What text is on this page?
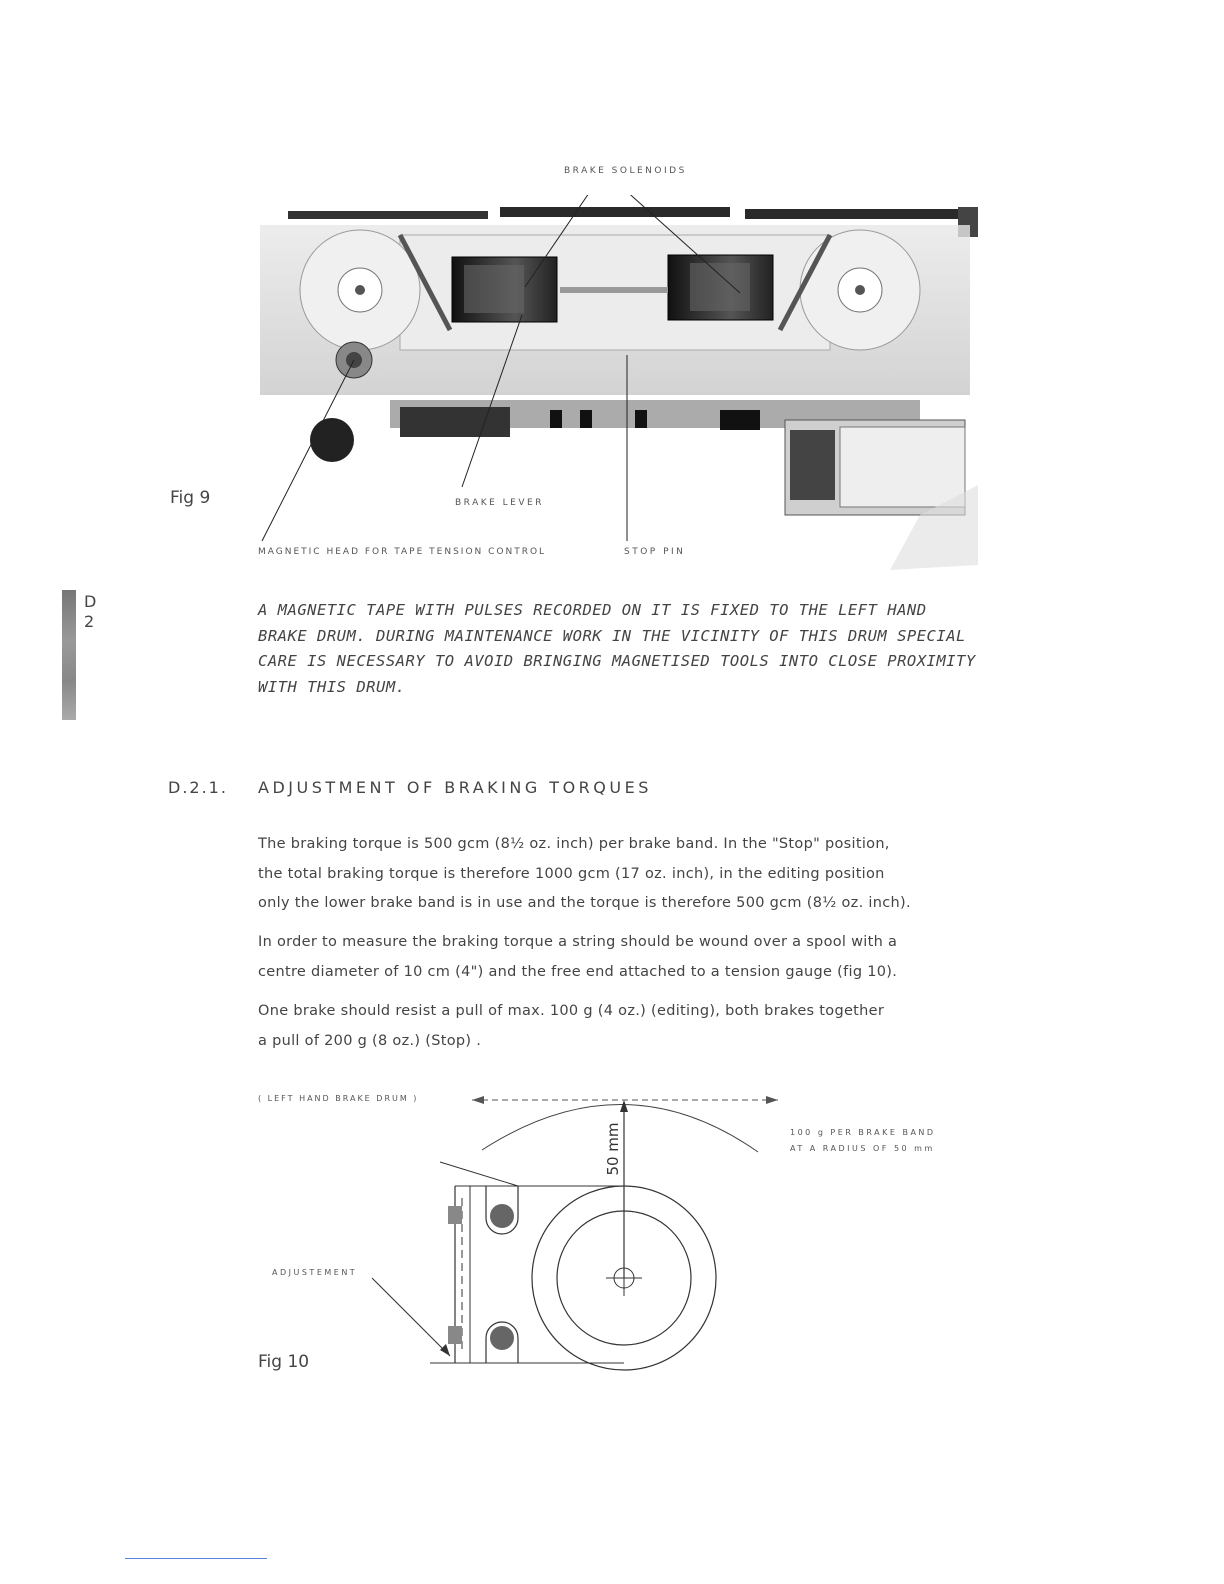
BRAKE SOLENOIDS
Fig 9	BRAKE LEVER
MAGNETIC HEAD FOR TAPE TENSION CONTROL	STOP PIN
D
2

A MAGNETIC TAPE WITH PULSES RECORDED ON IT IS FIXED TO THE LEFT HAND

BRAKE DRUM. DURING MAINTENANCE WORK IN THE VICINITY OF THIS DRUM SPECIAL

CARE IS NECESSARY TO AVOID BRINGING MAGNETISED TOOLS INTO CLOSE PROXIMITY

WITH THIS DRUM.

D.2.1. ADJUSTMENT OF BRAKING TORQUES

The braking torque is 500 gcm (8½ oz. inch) per brake band. In the "Stop" position,

the total braking torque is therefore 1000 gcm (17 oz. inch), in the editing position

only the lower brake band is in use and the torque is therefore 500 gcm (8½ oz. inch).

In order to measure the braking torque a string should be wound over a spool with a

centre diameter of 10 cm (4") and the free end attached to a tension gauge (fig 10).

One brake should resist a pull of max. 100 g (4 oz.) (editing), both brakes together

a pull of 200 g (8 oz.) (Stop) .

( LEFT HAND BRAKE DRUM )
100 g PER BRAKE BAND
AT A RADIUS OF 50 mm
ADJUSTEMENT
50 mm
Fig 10
